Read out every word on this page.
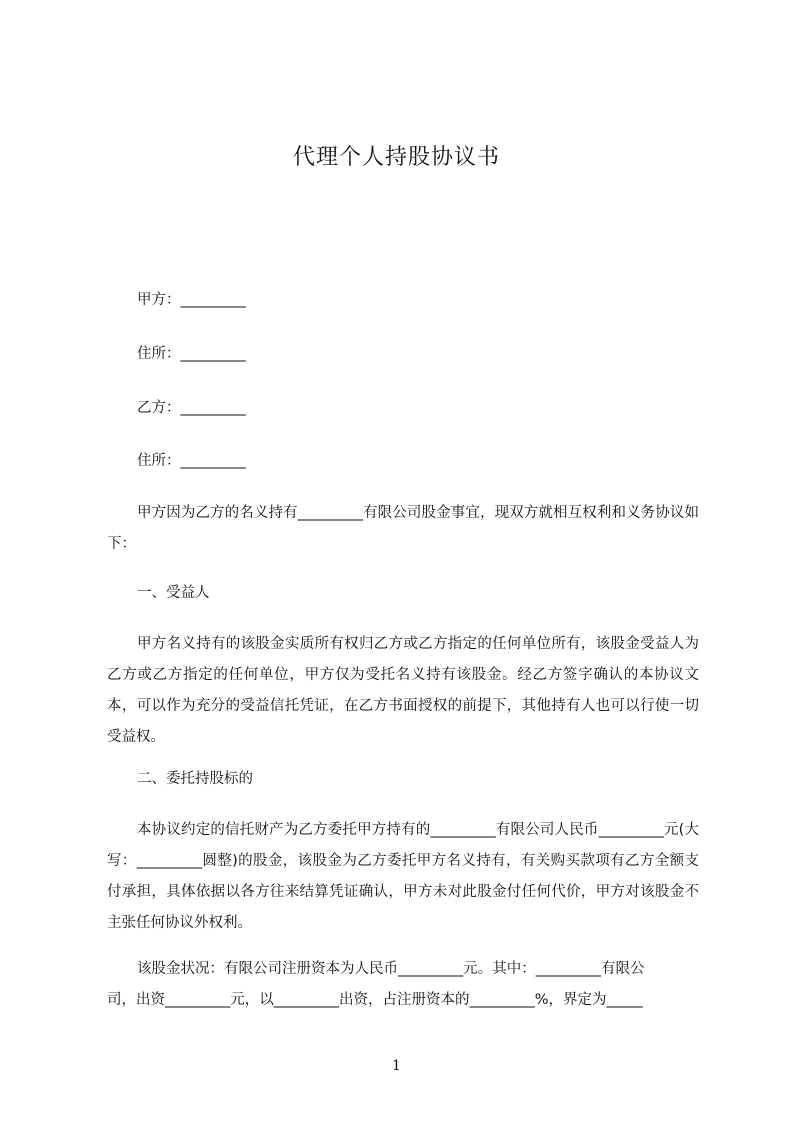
代理个人持股协议书
甲方：_________
住所：_________
乙方：_________
住所：_________

甲方因为乙方的名义持有_________有限公司股金事宜，现双方就相互权利和义务协议如下：

一、受益人

甲方名义持有的该股金实质所有权归乙方或乙方指定的任何单位所有，该股金受益人为乙方或乙方指定的任何单位，甲方仅为受托名义持有该股金。经乙方签字确认的本协议文本，可以作为充分的受益信托凭证，在乙方书面授权的前提下，其他持有人也可以行使一切受益权。

二、委托持股标的

本协议约定的信托财产为乙方委托甲方持有的_________有限公司人民币_________元(大写：_________圆整)的股金，该股金为乙方委托甲方名义持有，有关购买款项有乙方全额支付承担，具体依据以各方往来结算凭证确认，甲方未对此股金付任何代价，甲方对该股金不主张任何协议外权利。

该股金状况：有限公司注册资本为人民币_________元。其中：_________有限公
司，出资_________元，以_________出资，占注册资本的_________%，界定为_____
1
